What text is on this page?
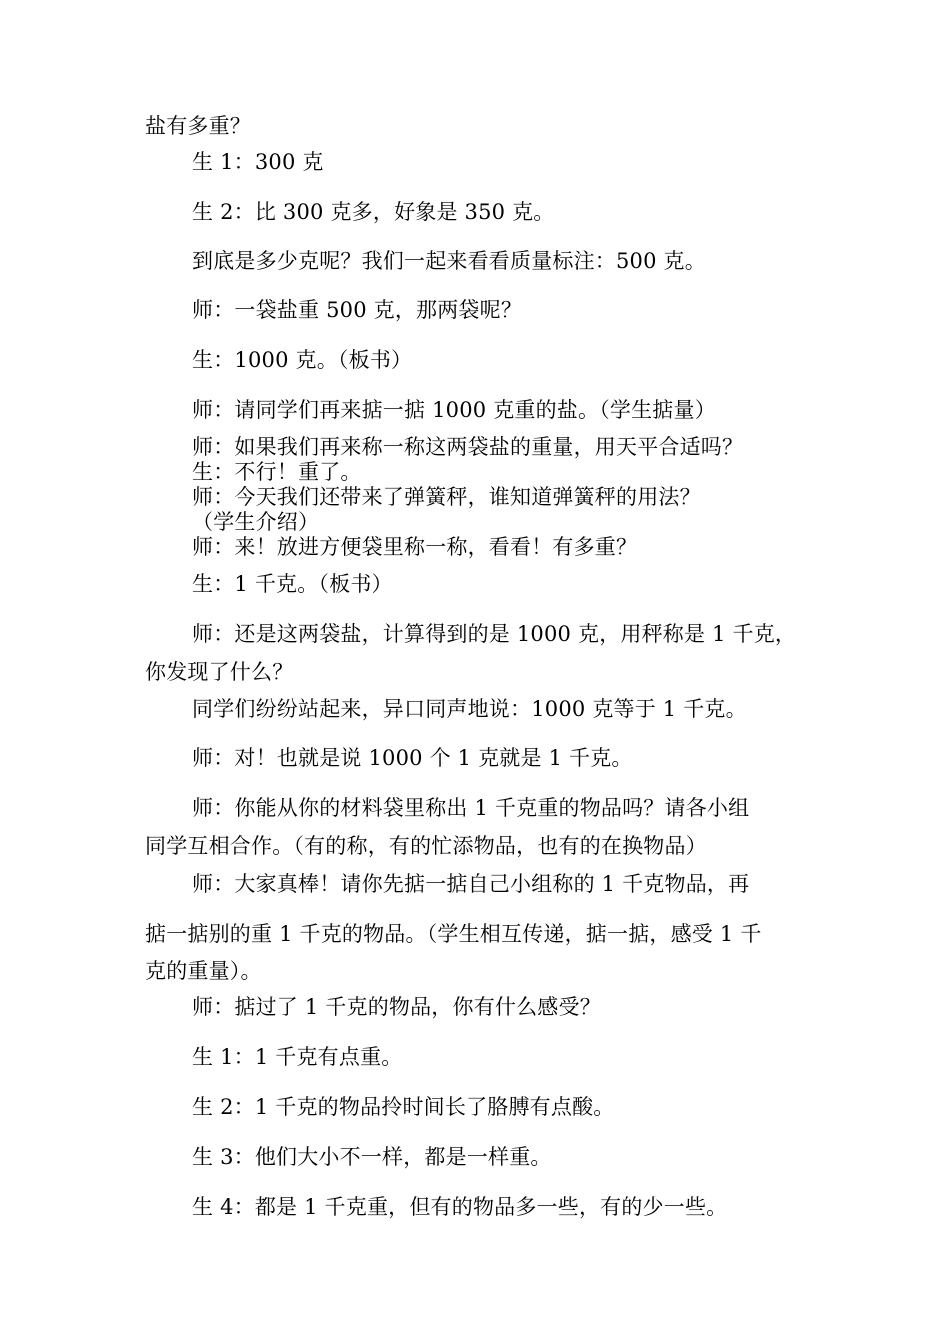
盐有多重？

生 1：300 克

生 2：比 300 克多，好象是 350 克。

到底是多少克呢？我们一起来看看质量标注：500 克。

师：一袋盐重 500 克，那两袋呢？

生：1000 克。（板书）

师：请同学们再来掂一掂 1000 克重的盐。（学生掂量）

师：如果我们再来称一称这两袋盐的重量，用天平合适吗？

生：不行！重了。

师：今天我们还带来了弹簧秤，谁知道弹簧秤的用法？

（学生介绍）

师：来！放进方便袋里称一称，看看！有多重？

生：1 千克。（板书）

师：还是这两袋盐，计算得到的是 1000 克，用秤称是 1 千克，

你发现了什么？

同学们纷纷站起来，异口同声地说：1000 克等于 1 千克。

师：对！也就是说 1000 个 1 克就是 1 千克。

师：你能从你的材料袋里称出 1 千克重的物品吗？请各小组

同学互相合作。（有的称，有的忙添物品，也有的在换物品）

师：大家真棒！请你先掂一掂自己小组称的 1 千克物品，再

掂一掂别的重 1 千克的物品。（学生相互传递，掂一掂，感受 1 千

克的重量）。

师：掂过了 1 千克的物品，你有什么感受？

生 1：1 千克有点重。

生 2：1 千克的物品拎时间长了胳膊有点酸。

生 3：他们大小不一样，都是一样重。

生 4：都是 1 千克重，但有的物品多一些，有的少一些。
